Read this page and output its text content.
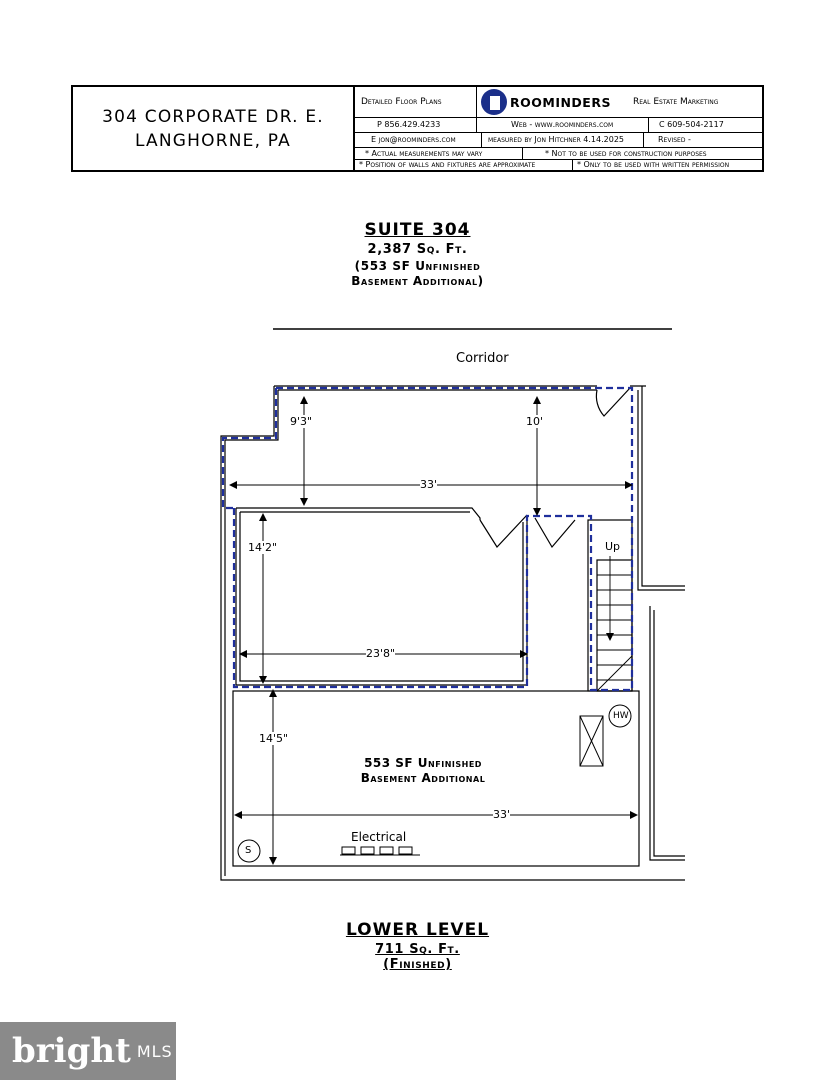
304 CORPORATE DR. E.
LANGHORNE, PA
Detailed Floor Plans	ROOMINDERS	Real Estate Marketing
P 856.429.4233	Web - www.roominders.com	C 609-504-2117
E jon@roominders.com	measured by Jon Hitchner 4.14.2025	Revised -
* Actual measurements may vary	* Not to be used for construction purposes
* Position of walls and fixtures are approximate	* Only to be used with written permission
SUITE 304
2,387 Sq. Ft.
(553 SF Unfinished
Basement Additional)
Corridor
9'3"	10'
33'
14'2"
23'8"
14'5"
33'
Up
HW
S
Electrical
553 SF Unfinished
Basement Additional
LOWER LEVEL
711 Sq. Ft.
(Finished)
bright MLS
